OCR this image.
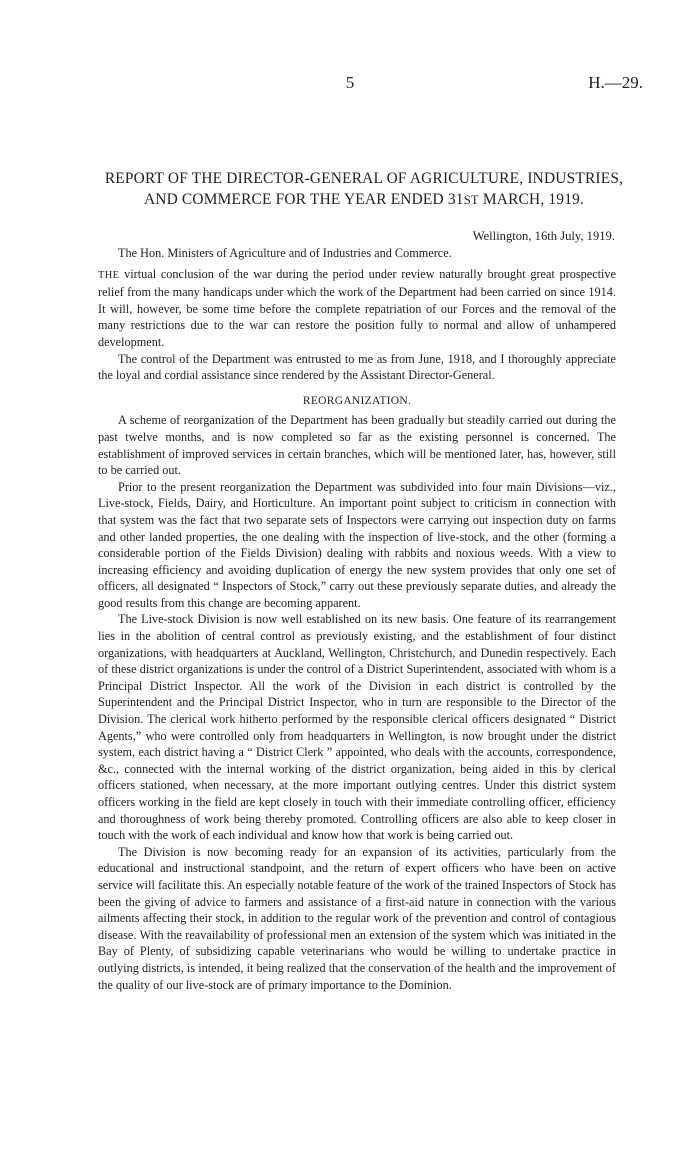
5	H.—29.
REPORT OF THE DIRECTOR-GENERAL OF AGRICULTURE, INDUSTRIES,
AND COMMERCE FOR THE YEAR ENDED 31ST MARCH, 1919.
Wellington, 16th July, 1919.

The Hon. Ministers of Agriculture and of Industries and Commerce.

THE virtual conclusion of the war during the period under review naturally brought great prospective relief from the many handicaps under which the work of the Department had been carried on since 1914. It will, however, be some time before the complete repatriation of our Forces and the removal of the many restrictions due to the war can restore the position fully to normal and allow of unhampered development.

The control of the Department was entrusted to me as from June, 1918, and I thoroughly appreciate the loyal and cordial assistance since rendered by the Assistant Director-General.

REORGANIZATION.

A scheme of reorganization of the Department has been gradually but steadily carried out during the past twelve months, and is now completed so far as the existing personnel is concerned. The establishment of improved services in certain branches, which will be mentioned later, has, however, still to be carried out.

Prior to the present reorganization the Department was subdivided into four main Divisions—viz., Live-stock, Fields, Dairy, and Horticulture. An important point subject to criticism in connection with that system was the fact that two separate sets of Inspectors were carrying out inspection duty on farms and other landed properties, the one dealing with the inspection of live-stock, and the other (forming a considerable portion of the Fields Division) dealing with rabbits and noxious weeds. With a view to increasing efficiency and avoiding duplication of energy the new system provides that only one set of officers, all designated “ Inspectors of Stock,” carry out these previously separate duties, and already the good results from this change are becoming apparent.

The Live-stock Division is now well established on its new basis. One feature of its rearrangement lies in the abolition of central control as previously existing, and the establishment of four distinct organizations, with headquarters at Auckland, Wellington, Christchurch, and Dunedin respectively. Each of these district organizations is under the control of a District Superintendent, associated with whom is a Principal District Inspector. All the work of the Division in each district is controlled by the Superintendent and the Principal District Inspector, who in turn are responsible to the Director of the Division. The clerical work hitherto performed by the responsible clerical officers designated “ District Agents,” who were controlled only from headquarters in Wellington, is now brought under the district system, each district having a “ District Clerk ” appointed, who deals with the accounts, correspondence, &c., connected with the internal working of the district organization, being aided in this by clerical officers stationed, when necessary, at the more important outlying centres. Under this district system officers working in the field are kept closely in touch with their immediate controlling officer, efficiency and thoroughness of work being thereby promoted. Controlling officers are also able to keep closer in touch with the work of each individual and know how that work is being carried out.

The Division is now becoming ready for an expansion of its activities, particularly from the educational and instructional standpoint, and the return of expert officers who have been on active service will facilitate this. An especially notable feature of the work of the trained Inspectors of Stock has been the giving of advice to farmers and assistance of a first-aid nature in connection with the various ailments affecting their stock, in addition to the regular work of the prevention and control of contagious disease. With the reavailability of professional men an extension of the system which was initiated in the Bay of Plenty, of subsidizing capable veterinarians who would be willing to undertake practice in outlying districts, is intended, it being realized that the conservation of the health and the improvement of the quality of our live-stock are of primary importance to the Dominion.
